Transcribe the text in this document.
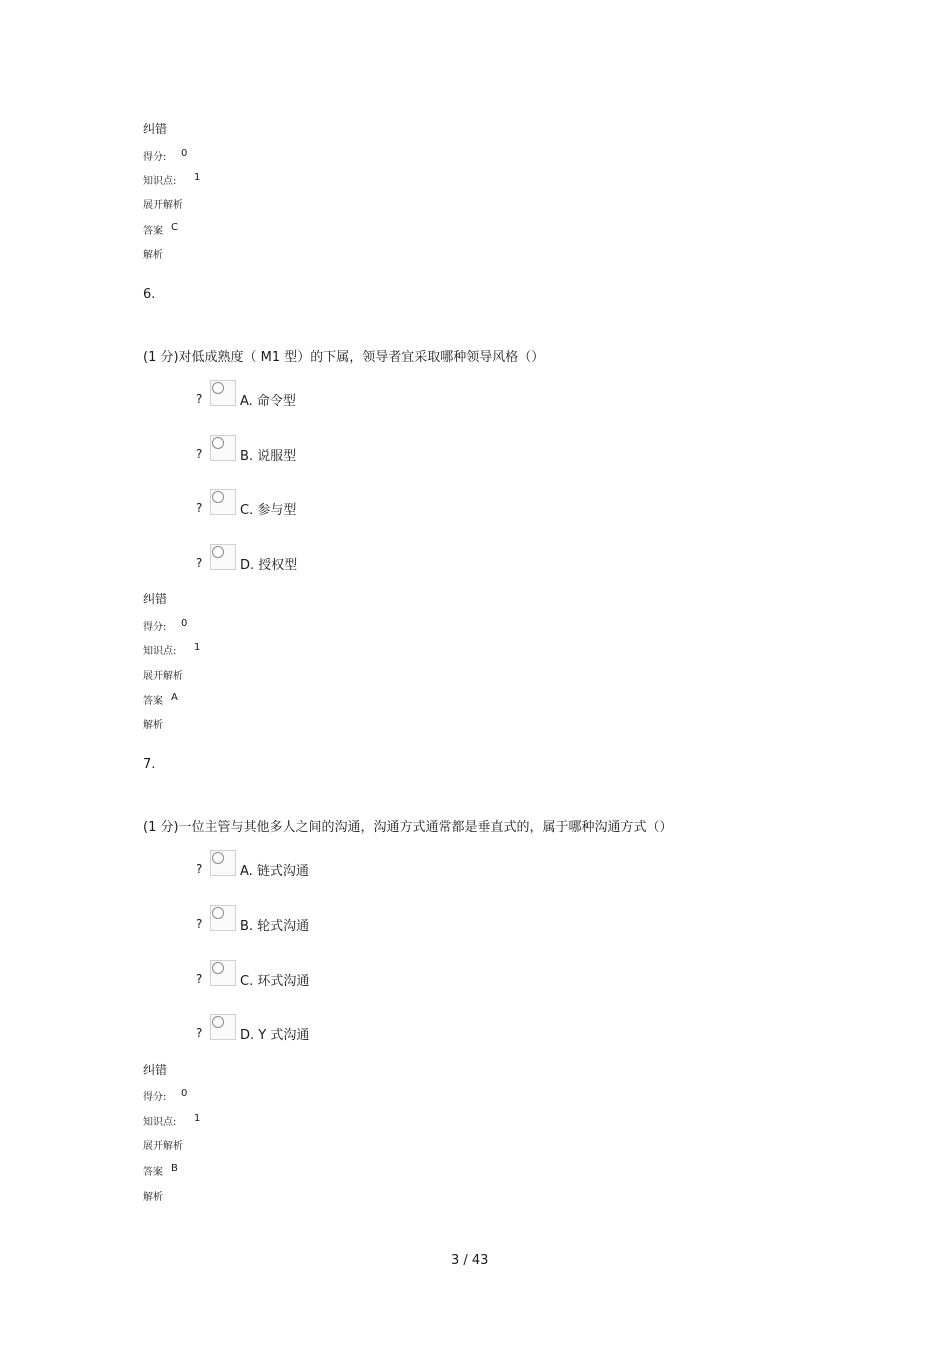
纠错
得分: 0
知识点: 1
展开解析
答案 C
解析
6.
(1 分)对低成熟度（ M1 型）的下属，领导者宜采取哪种领导风格（）
?	A. 命令型
?	B. 说服型
?	C. 参与型
?	D. 授权型
纠错
得分: 0
知识点: 1
展开解析
答案 A
解析
7.
(1 分)一位主管与其他多人之间的沟通，沟通方式通常都是垂直式的，属于哪种沟通方式（）
?	A. 链式沟通
?	B. 轮式沟通
?	C. 环式沟通
?	D. Y 式沟通
纠错
得分: 0
知识点: 1
展开解析
答案 B
解析
3 / 43
